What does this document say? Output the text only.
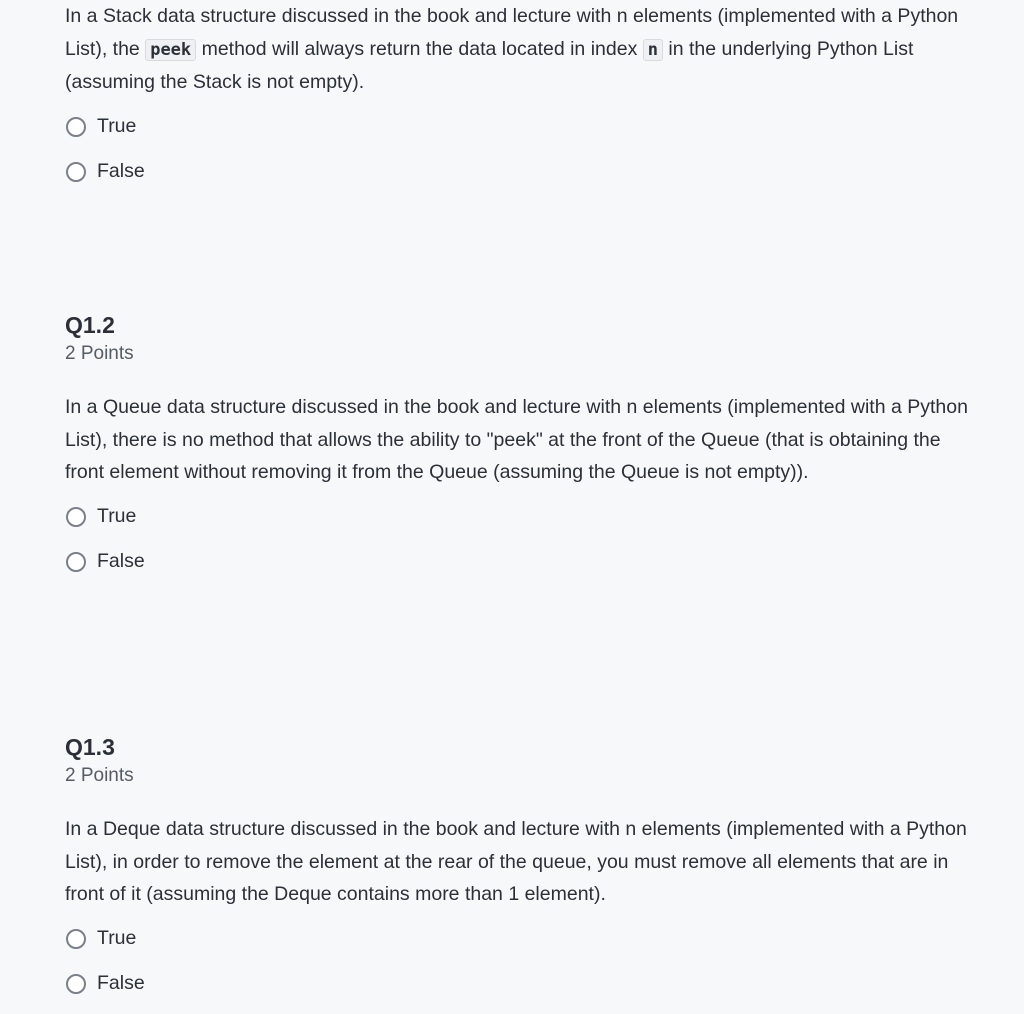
In a Stack data structure discussed in the book and lecture with n elements (implemented with a Python List), the peek method will always return the data located in index n in the underlying Python List (assuming the Stack is not empty).
True
False
Q1.2
2 Points
In a Queue data structure discussed in the book and lecture with n elements (implemented with a Python List), there is no method that allows the ability to "peek" at the front of the Queue (that is obtaining the front element without removing it from the Queue (assuming the Queue is not empty)).
True
False
Q1.3
2 Points
In a Deque data structure discussed in the book and lecture with n elements (implemented with a Python List), in order to remove the element at the rear of the queue, you must remove all elements that are in front of it (assuming the Deque contains more than 1 element).
True
False
